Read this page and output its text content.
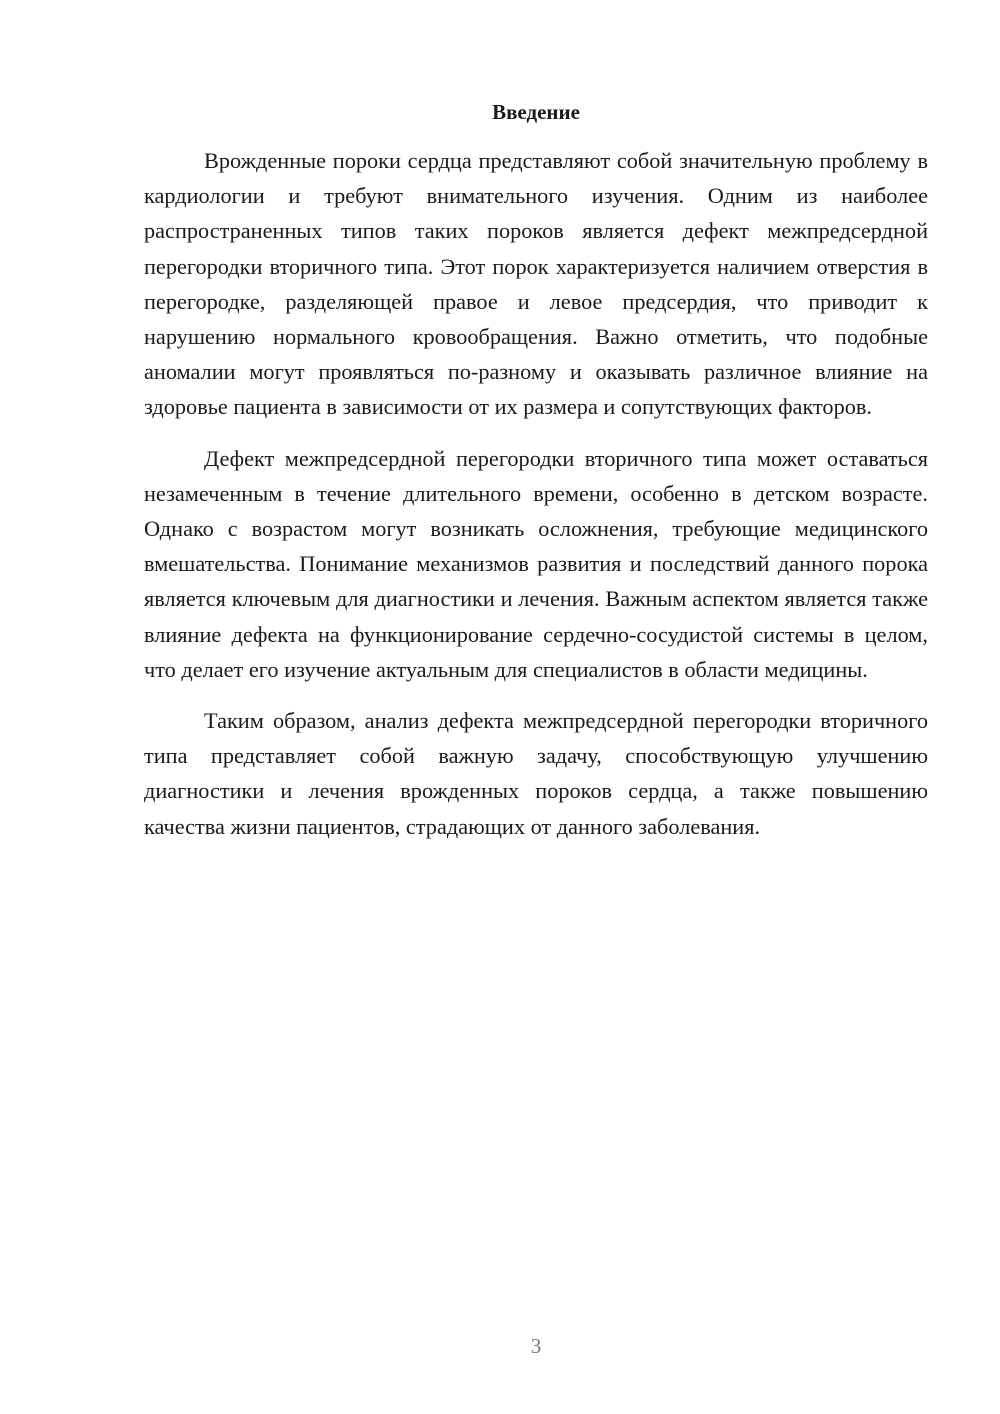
Введение

Врожденные пороки сердца представляют собой значительную проблему в кардиологии и требуют внимательного изучения. Одним из наиболее распространенных типов таких пороков является дефект межпредсердной перегородки вторичного типа. Этот порок характеризуется наличием отверстия в перегородке, разделяющей правое и левое предсердия, что приводит к нарушению нормального кровообращения. Важно отметить, что подобные аномалии могут проявляться по-разному и оказывать различное влияние на здоровье пациента в зависимости от их размера и сопутствующих факторов.

Дефект межпредсердной перегородки вторичного типа может оставаться незамеченным в течение длительного времени, особенно в детском возрасте. Однако с возрастом могут возникать осложнения, требующие медицинского вмешательства. Понимание механизмов развития и последствий данного порока является ключевым для диагностики и лечения. Важным аспектом является также влияние дефекта на функционирование сердечно-сосудистой системы в целом, что делает его изучение актуальным для специалистов в области медицины.

Таким образом, анализ дефекта межпредсердной перегородки вторичного типа представляет собой важную задачу, способствующую улучшению диагностики и лечения врожденных пороков сердца, а также повышению качества жизни пациентов, страдающих от данного заболевания.

3
